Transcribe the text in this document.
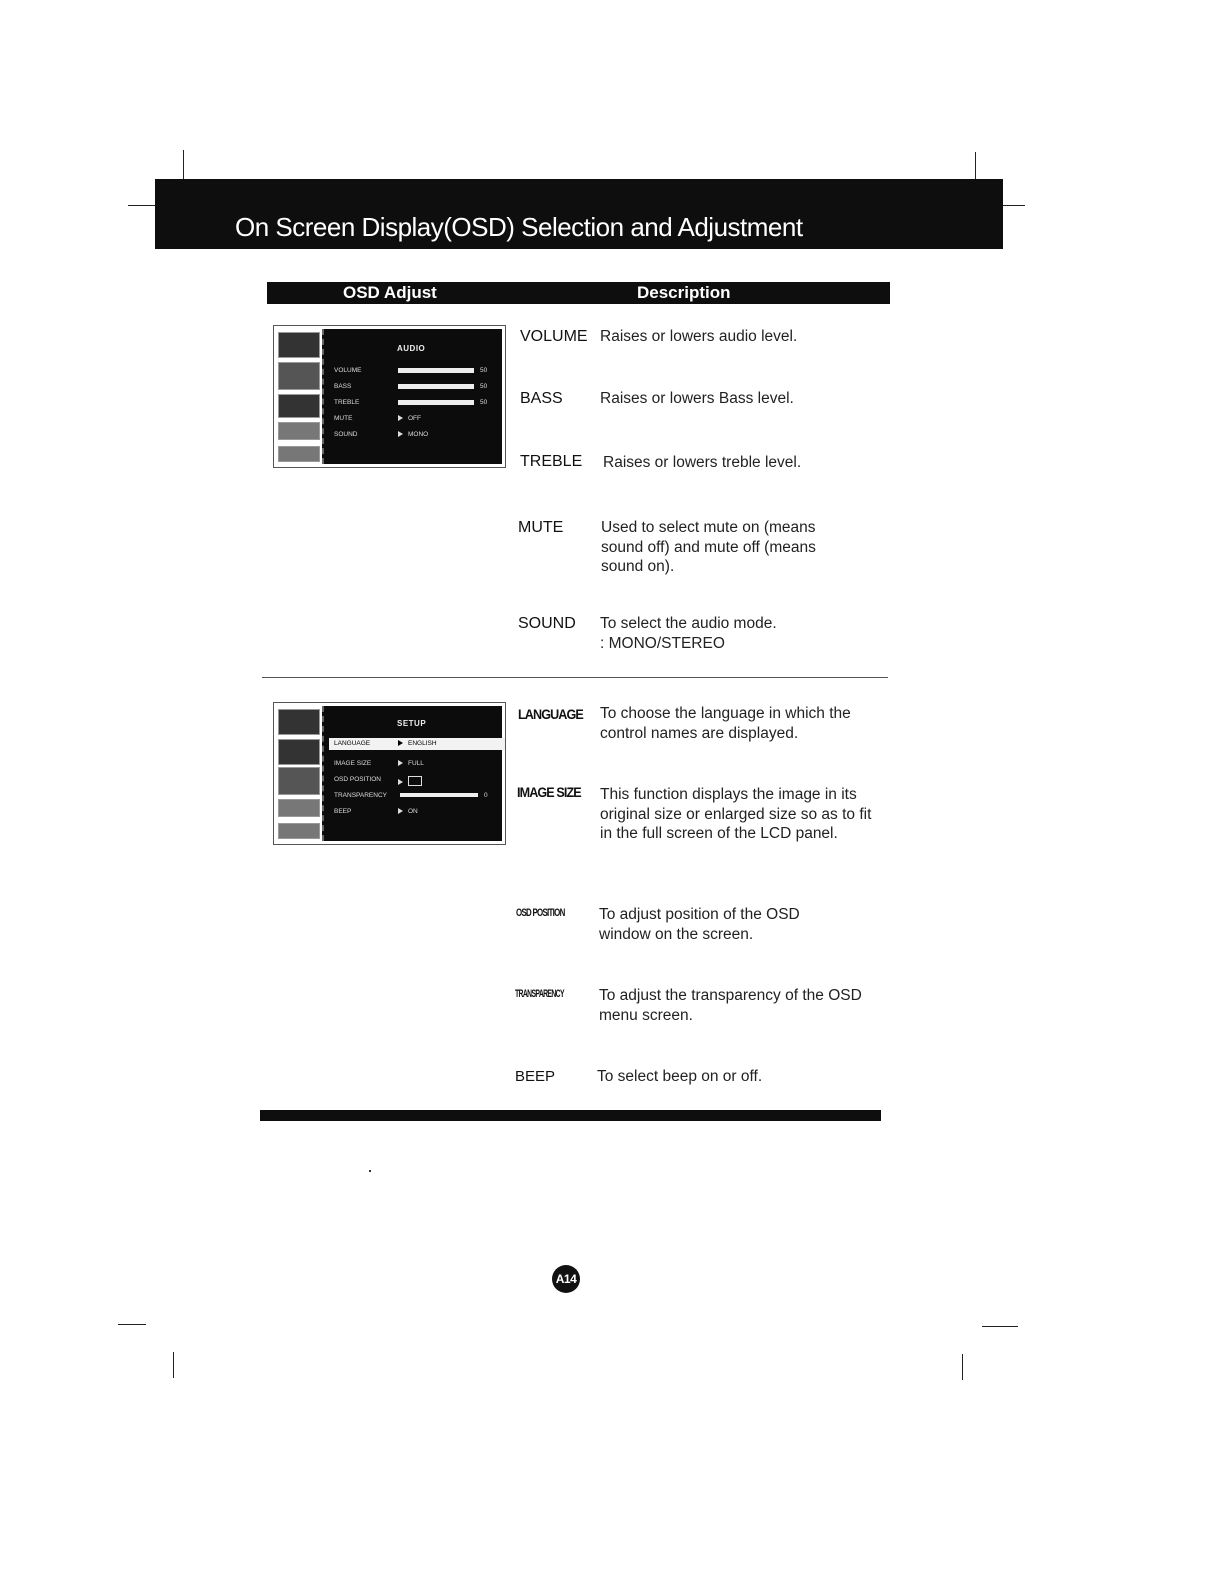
On Screen Display(OSD) Selection and Adjustment
OSD Adjust	Description
AUDIO
VOLUME	50
BASS	50
TREBLE	50
MUTE	OFF
SOUND	MONO
SETUP
LANGUAGE	ENGLISH
IMAGE SIZE	FULL
OSD POSITION
TRANSPARENCY	0
BEEP	ON
VOLUME Raises or lowers audio level.
BASS Raises or lowers Bass level.
TREBLE Raises or lowers treble level.
MUTE Used to select mute on (means sound off) and mute off (means sound on).
SOUND To select the audio mode.
: MONO/STEREO
LANGUAGE To choose the language in which the control names are displayed.
IMAGE SIZE This function displays the image in its original size or enlarged size so as to fit in the full screen of the LCD panel.
OSD POSITION To adjust position of the OSD window on the screen.
TRANSPARENCY To adjust the transparency of the OSD menu screen.
BEEP	To select beep on or off.
A14
